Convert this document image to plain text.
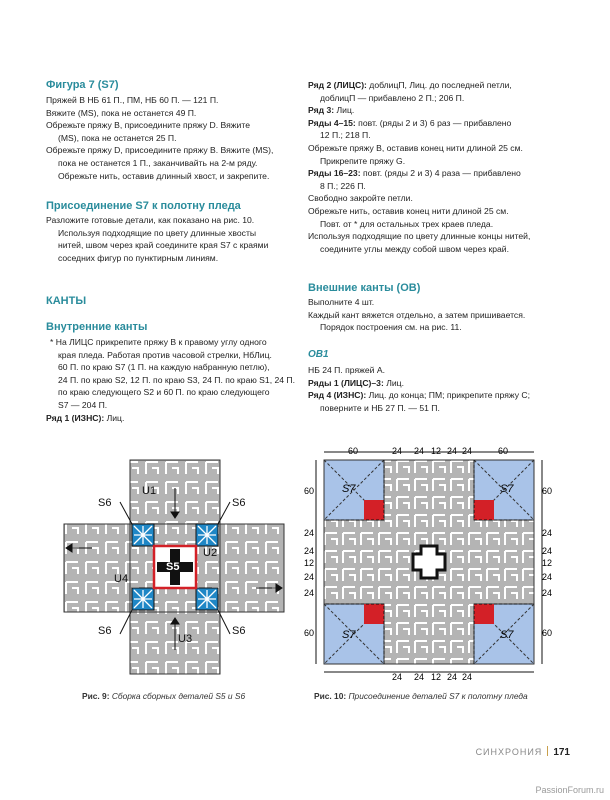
Фигура 7 (S7)

Пряжей В НБ 61 П., ПМ, НБ 60 П. — 121 П.

Вяжите (MS), пока не останется 49 П.

Обрежьте пряжу B, присоедините пряжу D. Вяжите

(MS), пока не останется 25 П.

Обрежьте пряжу D, присоедините пряжу B. Вяжите (MS),

пока не останется 1 П., заканчивайть на 2-м ряду.

Обрежьте нить, оставив длинный хвост, и закрепите.

Присоединение S7 к полотну пледа

Разложите готовые детали, как показано на рис. 10.

Используя подходящие по цвету длинные хвосты

нитей, швом через край соедините края S7 с краями

соседних фигур по пунктирным линиям.

КАНТЫ
Внутренние канты

* На ЛИЦС прикрепите пряжу В к правому углу одного

края пледа. Работая против часовой стрелки, НбЛиц.

60 П. по краю S7 (1 П. на каждую набранную петлю),

24 П. по краю S2, 12 П. по краю S3, 24 П. по краю S1, 24 П.

по краю следующего S2 и 60 П. по краю следующего

S7 — 204 П.

Ряд 1 (ИЗНС): Лиц.

Ряд 2 (ЛИЦС): доблицП, Лиц. до последней петли,

доблицП — прибавлено 2 П.; 206 П.

Ряд 3: Лиц.

Ряды 4–15: повт. (ряды 2 и 3) 6 раз — прибавлено

12 П.; 218 П.

Обрежьте пряжу В, оставив конец нити длиной 25 см.

Прикрепите пряжу G.

Ряды 16–23: повт. (ряды 2 и 3) 4 раза — прибавлено

8 П.; 226 П.

Свободно закройте петли.

Обрежьте нить, оставив конец нити длиной 25 см.

Повт. от * для остальных трех краев пледа.

Используя подходящие по цвету длинные концы нитей,

соедините углы между собой швом через край.

Внешние канты (ОВ)

Выполните 4 шт.

Каждый кант вяжется отдельно, а затем пришивается.

Порядок построения см. на рис. 11.

ОВ1

НБ 24 П. пряжей А.

Ряды 1 (ЛИЦС)–3: Лиц.

Ряд 4 (ИЗНС): Лиц. до конца; ПМ; прикрепите пряжу С;

поверните и НБ 27 П. — 51 П.

U1
U2
U3
U4
S5
S6	S6
S6	S6
Рис. 9: Сборка сборных деталей S5 и S6
60	24 24 12 24 24	60
24 24 12 24 24
60
24
24
12
24
24
60
60
24
24
12
24
24
60
S7	S7
S7	S7
Рис. 10: Присоединение деталей S7 к полотну пледа
СИНХРОНИЯ 171
PassionForum.ru
